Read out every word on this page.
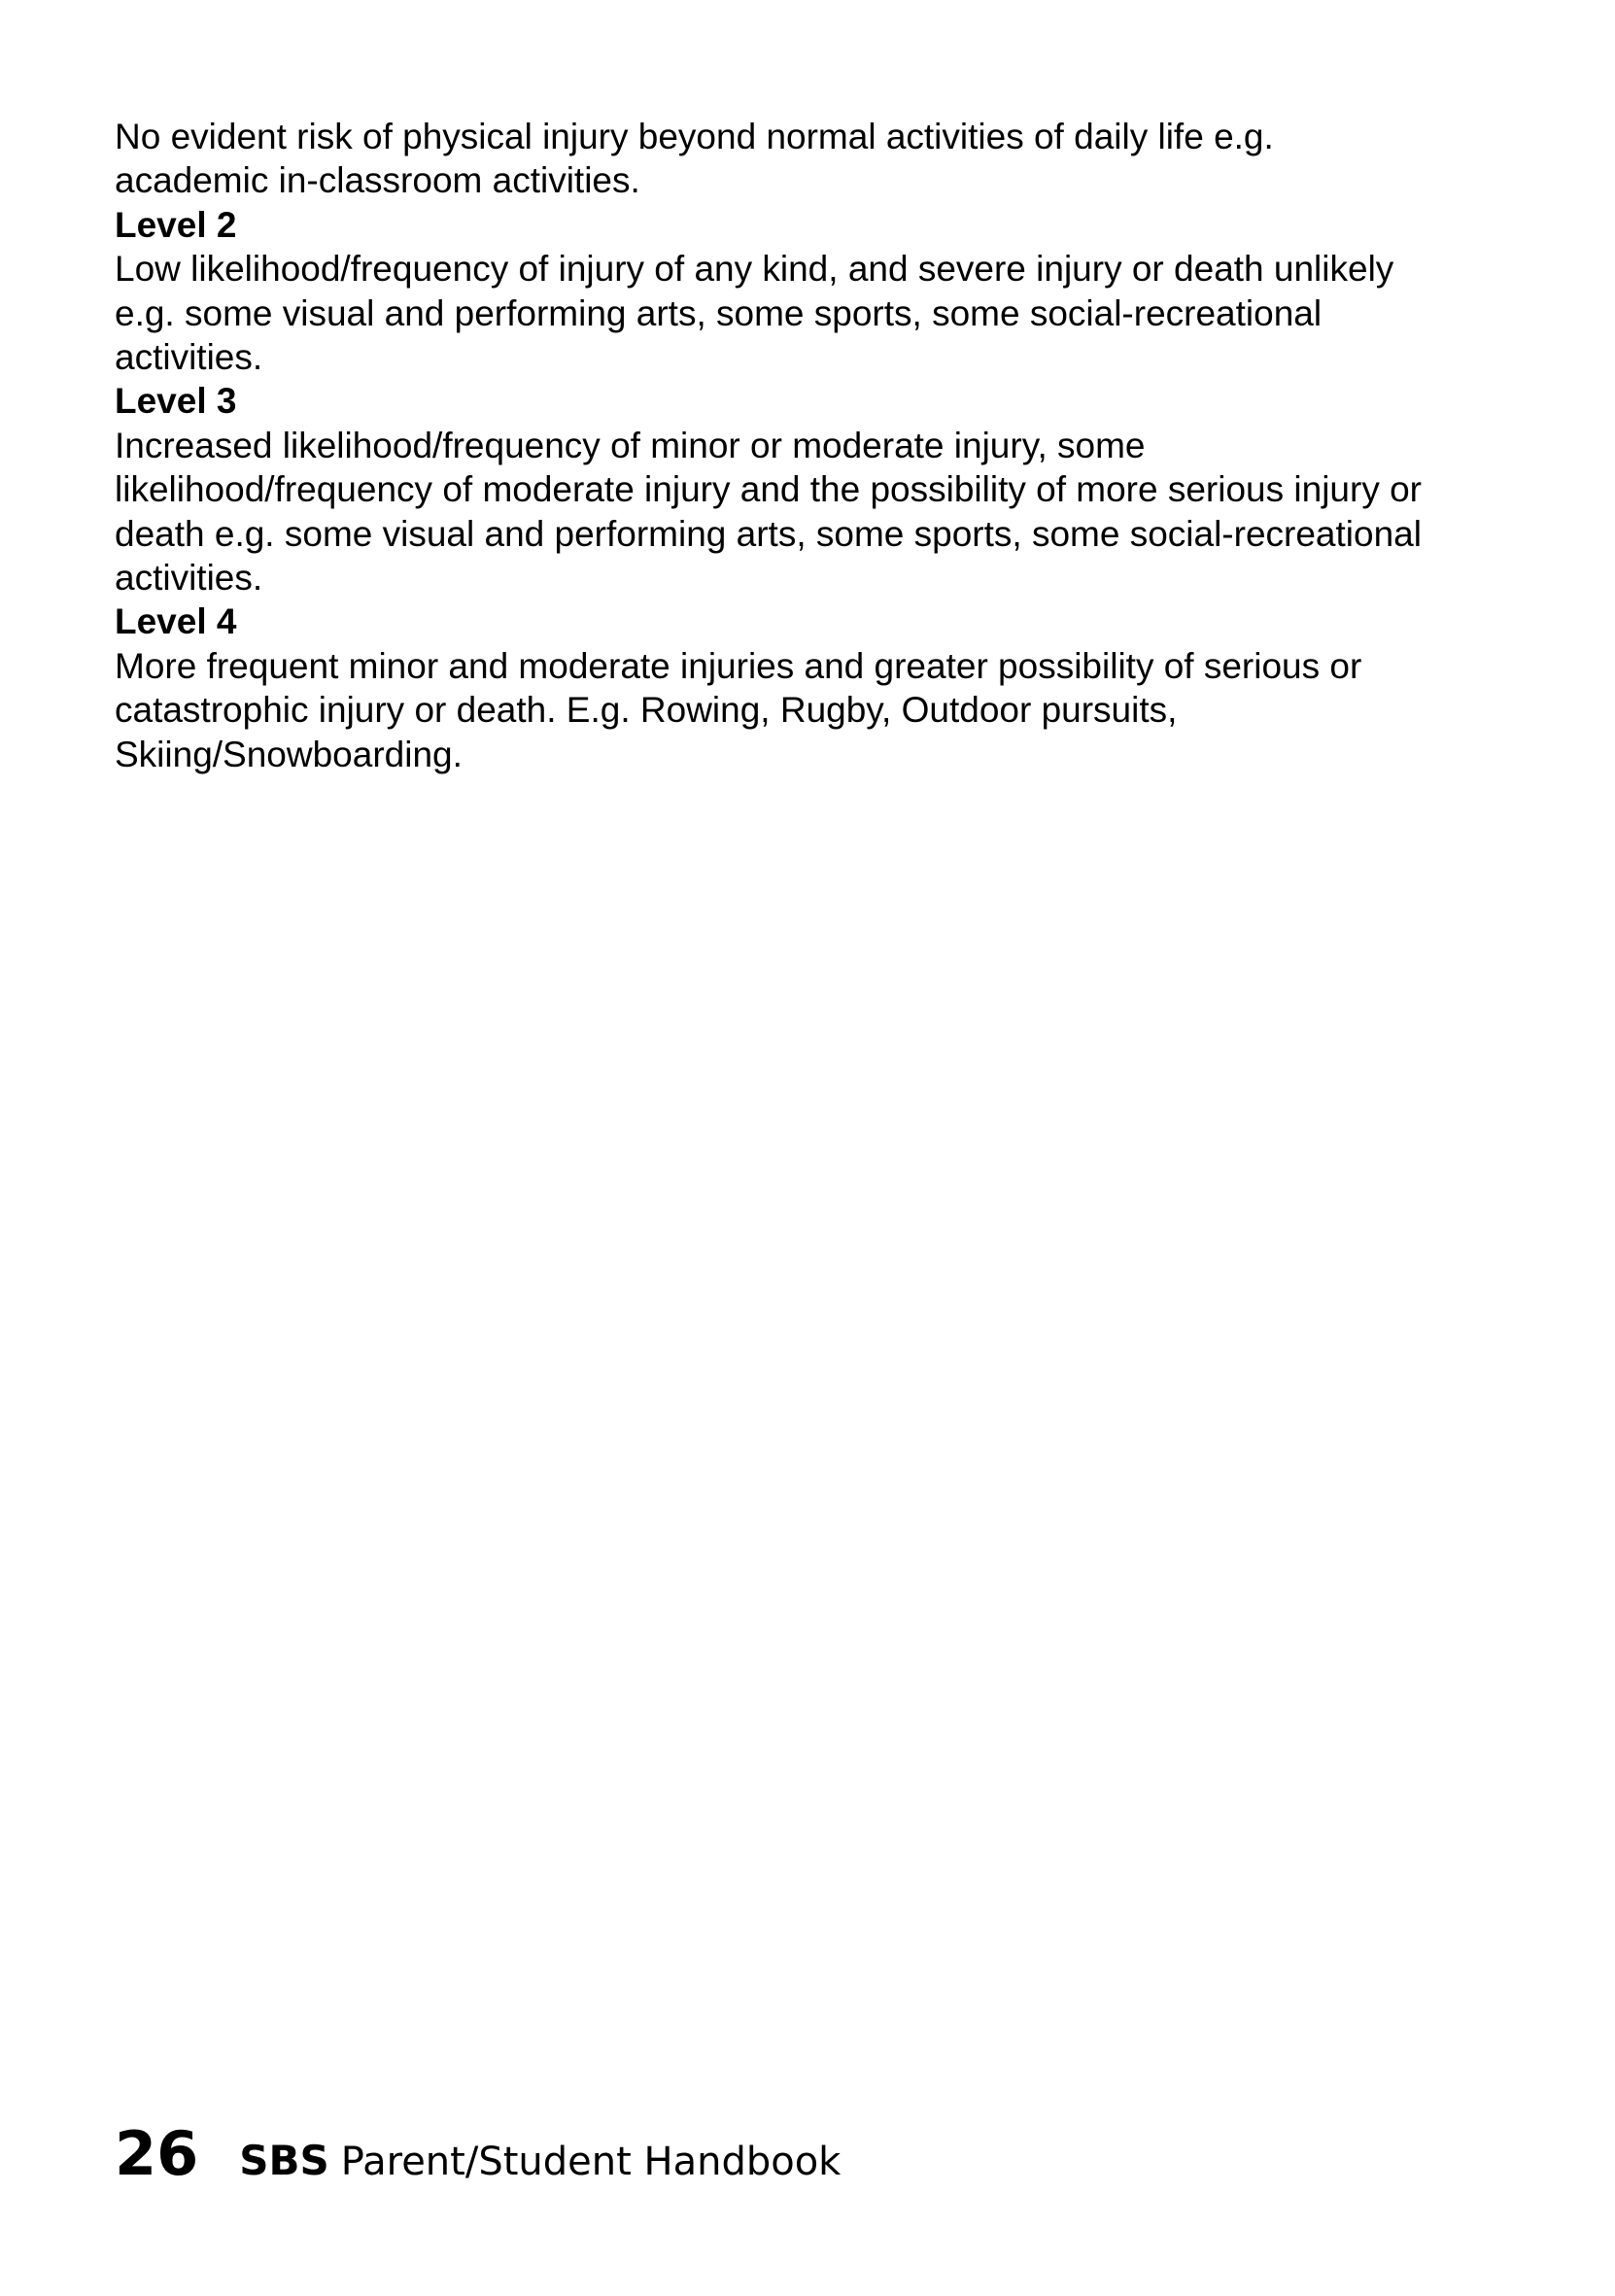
No evident risk of physical injury beyond normal activities of daily life e.g.
academic in-classroom activities.

Level 2

Low likelihood/frequency of injury of any kind, and severe injury or death unlikely
e.g. some visual and performing arts, some sports, some social-recreational
activities.

Level 3

Increased likelihood/frequency of minor or moderate injury, some
likelihood/frequency of moderate injury and the possibility of more serious injury or
death e.g. some visual and performing arts, some sports, some social-recreational
activities.

Level 4

More frequent minor and moderate injuries and greater possibility of serious or
catastrophic injury or death. E.g. Rowing, Rugby, Outdoor pursuits,
Skiing/Snowboarding.

26 SBS Parent/Student Handbook
